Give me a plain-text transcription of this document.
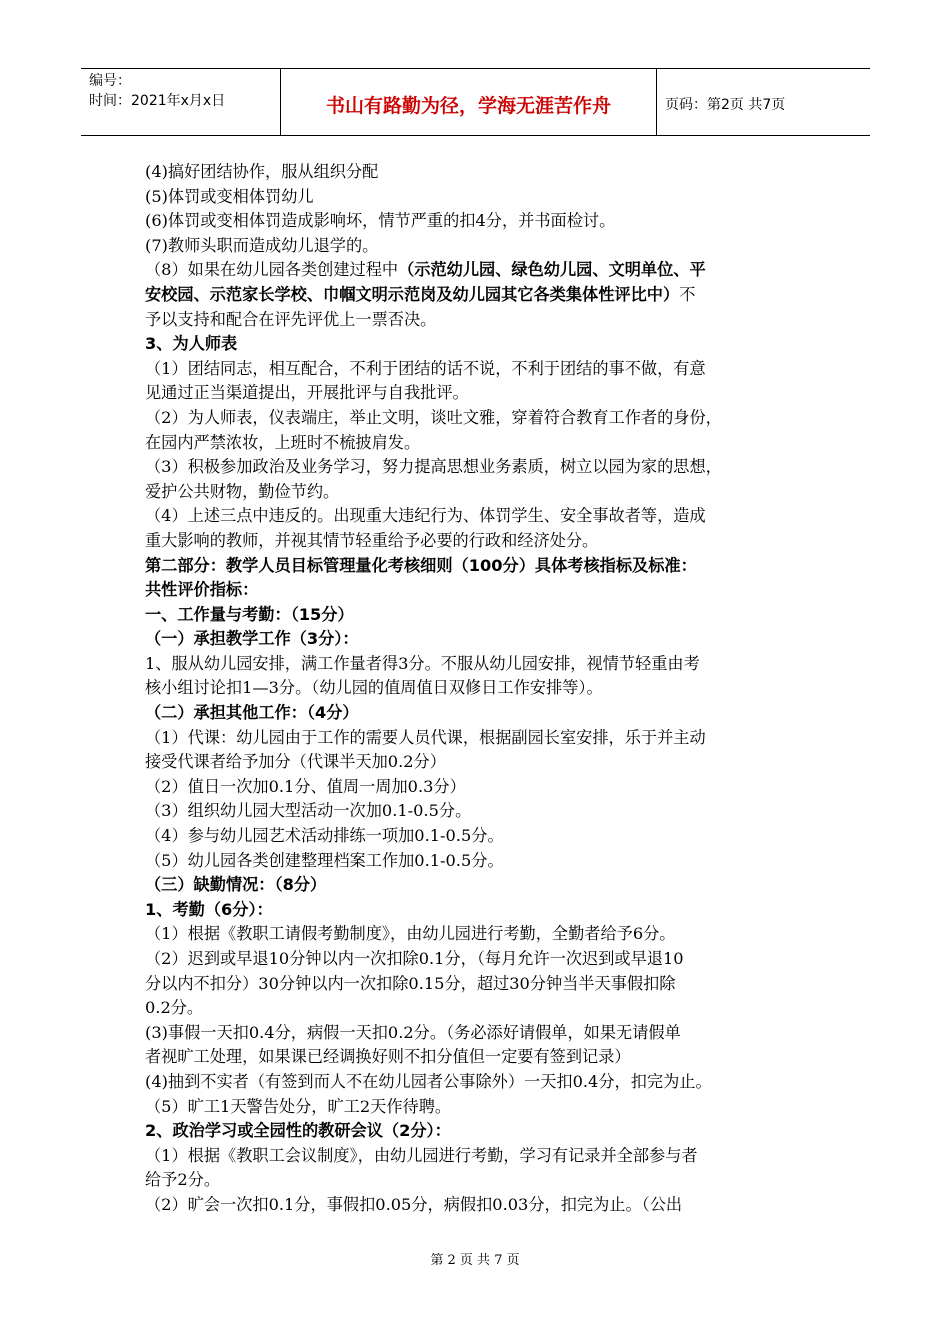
编号：
时间：2021年x月x日	书山有路勤为径，学海无涯苦作舟	页码：第2页 共7页

(4)搞好团结协作，服从组织分配

(5)体罚或变相体罚幼儿

(6)体罚或变相体罚造成影响坏，情节严重的扣4分，并书面检讨。

(7)教师头职而造成幼儿退学的。

（8）如果在幼儿园各类创建过程中（示范幼儿园、绿色幼儿园、文明单位、平

安校园、示范家长学校、巾帼文明示范岗及幼儿园其它各类集体性评比中）不

予以支持和配合在评先评优上一票否决。

3、为人师表

（1）团结同志，相互配合，不利于团结的话不说，不利于团结的事不做，有意

见通过正当渠道提出，开展批评与自我批评。

（2）为人师表，仪表端庄，举止文明，谈吐文雅，穿着符合教育工作者的身份，

在园内严禁浓妆，上班时不梳披肩发。

（3）积极参加政治及业务学习，努力提高思想业务素质，树立以园为家的思想，

爱护公共财物，勤俭节约。

（4）上述三点中违反的。出现重大违纪行为、体罚学生、安全事故者等，造成

重大影响的教师，并视其情节轻重给予必要的行政和经济处分。

第二部分：教学人员目标管理量化考核细则（100分）具体考核指标及标准：

共性评价指标：

一、工作量与考勤：（15分）

（一）承担教学工作（3分）：

1、服从幼儿园安排，满工作量者得3分。不服从幼儿园安排，视情节轻重由考

核小组讨论扣1—3分。（幼儿园的值周值日双修日工作安排等）。

（二）承担其他工作：（4分）

（1）代课：幼儿园由于工作的需要人员代课，根据副园长室安排，乐于并主动

接受代课者给予加分（代课半天加0.2分）

（2）值日一次加0.1分、值周一周加0.3分）

（3）组织幼儿园大型活动一次加0.1-0.5分。

（4）参与幼儿园艺术活动排练一项加0.1-0.5分。

（5）幼儿园各类创建整理档案工作加0.1-0.5分。

（三）缺勤情况：（8分）

1、考勤（6分）：

（1）根据《教职工请假考勤制度》，由幼儿园进行考勤，全勤者给予6分。

（2）迟到或早退10分钟以内一次扣除0.1分，（每月允许一次迟到或早退10

分以内不扣分）30分钟以内一次扣除0.15分，超过30分钟当半天事假扣除

0.2分。

(3)事假一天扣0.4分，病假一天扣0.2分。（务必添好请假单，如果无请假单

者视旷工处理，如果课已经调换好则不扣分值但一定要有签到记录）

(4)抽到不实者（有签到而人不在幼儿园者公事除外）一天扣0.4分，扣完为止。

（5）旷工1天警告处分，旷工2天作待聘。

2、政治学习或全园性的教研会议（2分）：

（1）根据《教职工会议制度》，由幼儿园进行考勤，学习有记录并全部参与者

给予2分。

（2）旷会一次扣0.1分，事假扣0.05分，病假扣0.03分，扣完为止。（公出

第 2 页 共 7 页
